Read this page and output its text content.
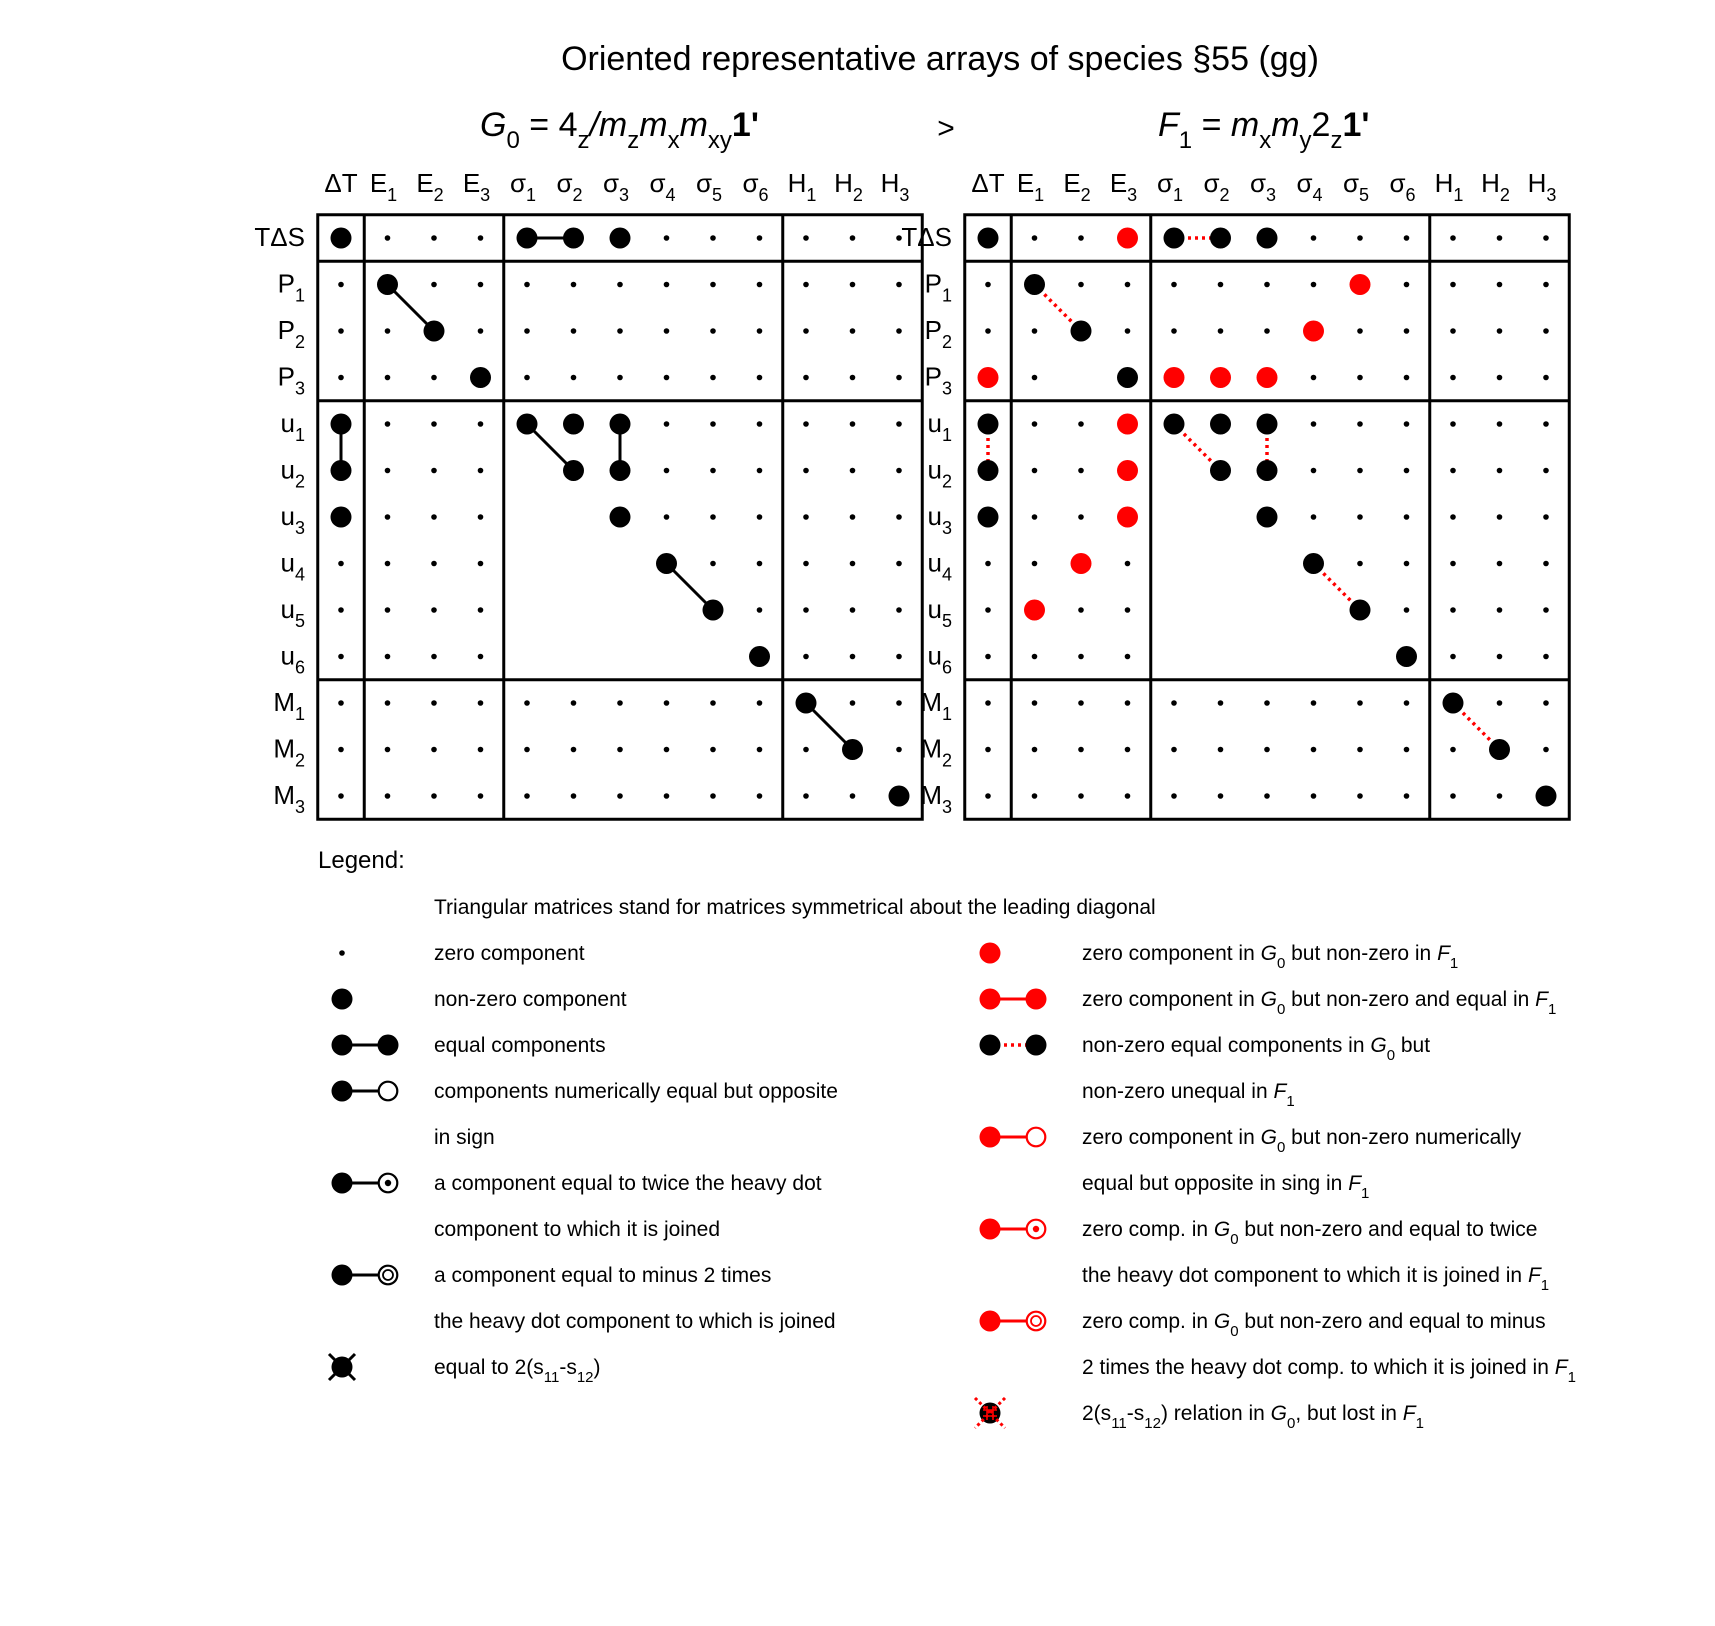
Oriented representative arrays of species §55 (gg)
$G_0 = 4_z/m_zm_xm_{xy}1'$	$F_1 = m_xm_y2_z1'$
>
ΔT $E_1$ $E_2$ $E_3$ $\sigma_1$ $\sigma_2$ $\sigma_3$ $\sigma_4$ $\sigma_5$ $\sigma_6$ $H_1$ $H_2$ $H_3$
TΔS
$P_1$
$P_2$
$P_3$
$u_1$
$u_2$
$u_3$
$u_4$
$u_5$
$u_6$
$M_1$
$M_2$
$M_3$
ΔT $E_1$ $E_2$ $E_3$ $\sigma_1$ $\sigma_2$ $\sigma_3$ $\sigma_4$ $\sigma_5$ $\sigma_6$ $H_1$ $H_2$ $H_3$
TΔS
$P_1$
$P_2$
$P_3$
$u_1$
$u_2$
$u_3$
$u_4$
$u_5$
$u_6$
$M_1$
$M_2$
$M_3$
Legend:
Triangular matrices stand for matrices symmetrical about the leading diagonal
zero component
non-zero component
equal components
components numerically equal but opposite
in sign
a component equal to twice the heavy dot
component to which it is joined
a component equal to minus 2 times
the heavy dot component to which is joined
equal to $2(s_{11}-s_{12})$
zero component in $G_0$ but non-zero in $F_1$
zero component in $G_0$ but non-zero and equal in $F_1$
non-zero equal components in $G_0$ but
non-zero unequal in $F_1$
zero component in $G_0$ but non-zero numerically
equal but opposite in sing in $F_1$
zero comp. in $G_0$ but non-zero and equal to twice
the heavy dot component to which it is joined in $F_1$
zero comp. in $G_0$ but non-zero and equal to minus
2 times the heavy dot comp. to which it is joined in $F_1$
$2(s_{11}-s_{12})$ relation in $G_0$, but lost in $F_1$
